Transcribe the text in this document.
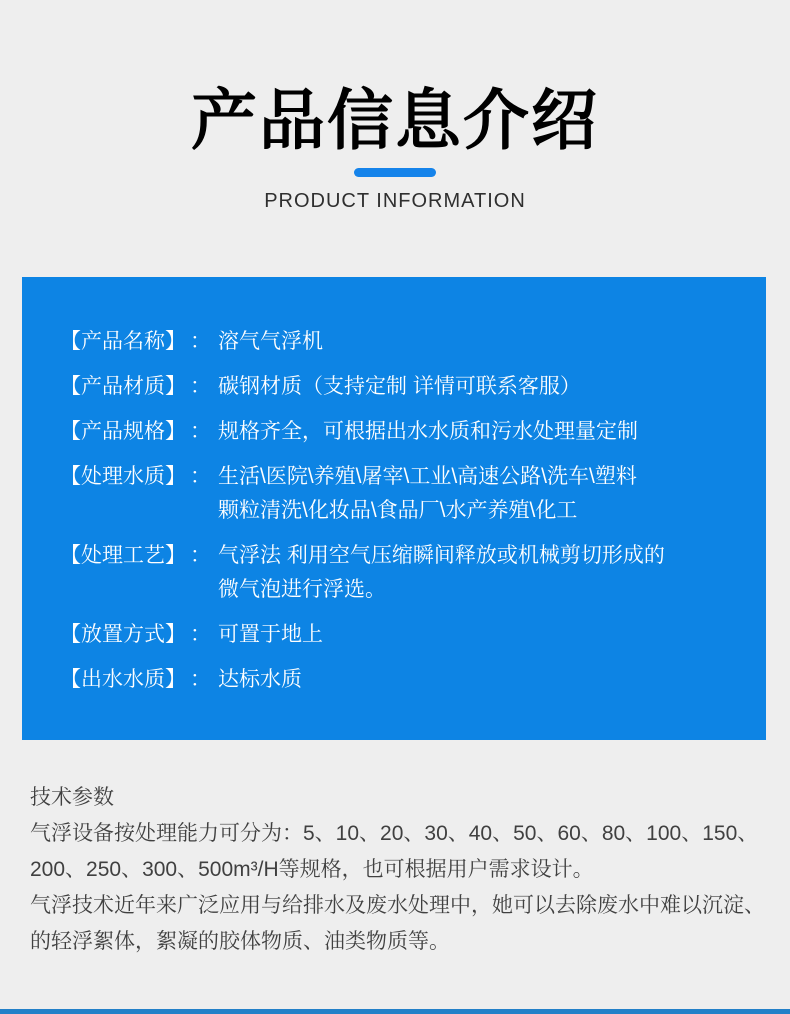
产品信息介绍
PRODUCT INFORMATION
【产品名称】 ： 溶气气浮机
【产品材质】 ： 碳钢材质（支持定制 详情可联系客服）
【产品规格】 ： 规格齐全，可根据出水水质和污水处理量定制
【处理水质】 ： 生活\医院\养殖\屠宰\工业\高速公路\洗车\塑料
颗粒清洗\化妆品\食品厂\水产养殖\化工
【处理工艺】 ： 气浮法 利用空气压缩瞬间释放或机械剪切形成的
微气泡进行浮选。
【放置方式】 ： 可置于地上
【出水水质】 ： 达标水质
技术参数
气浮设备按处理能力可分为：5、10、20、30、40、50、60、80、100、150、
200、250、300、500m³/H等规格，也可根据用户需求设计。
气浮技术近年来广泛应用与给排水及废水处理中，她可以去除废水中难以沉淀、
的轻浮絮体，絮凝的胶体物质、油类物质等。
